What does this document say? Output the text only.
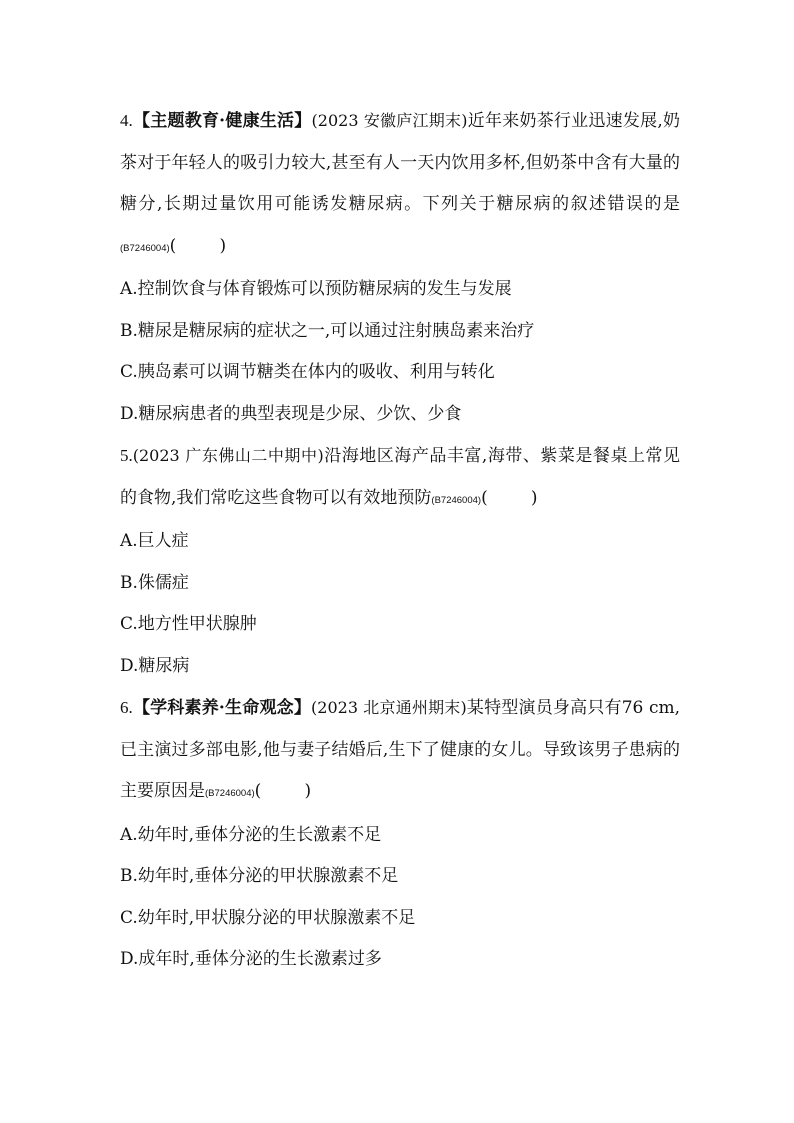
4.【主题教育·健康生活】(2023 安徽庐江期末)近年来奶茶行业迅速发展,奶茶对于年轻人的吸引力较大,甚至有人一天内饮用多杯,但奶茶中含有大量的糖分,长期过量饮用可能诱发糖尿病。下列关于糖尿病的叙述错误的是(B7246004)(        )

A.控制饮食与体育锻炼可以预防糖尿病的发生与发展

B.糖尿是糖尿病的症状之一,可以通过注射胰岛素来治疗

C.胰岛素可以调节糖类在体内的吸收、利用与转化

D.糖尿病患者的典型表现是少尿、少饮、少食

5.(2023 广东佛山二中期中)沿海地区海产品丰富,海带、紫菜是餐桌上常见的食物,我们常吃这些食物可以有效地预防(B7246004)(        )

A.巨人症

B.侏儒症

C.地方性甲状腺肿

D.糖尿病

6.【学科素养·生命观念】(2023 北京通州期末)某特型演员身高只有76 cm,已主演过多部电影,他与妻子结婚后,生下了健康的女儿。导致该男子患病的主要原因是(B7246004)(        )

A.幼年时,垂体分泌的生长激素不足

B.幼年时,垂体分泌的甲状腺激素不足

C.幼年时,甲状腺分泌的甲状腺激素不足

D.成年时,垂体分泌的生长激素过多
